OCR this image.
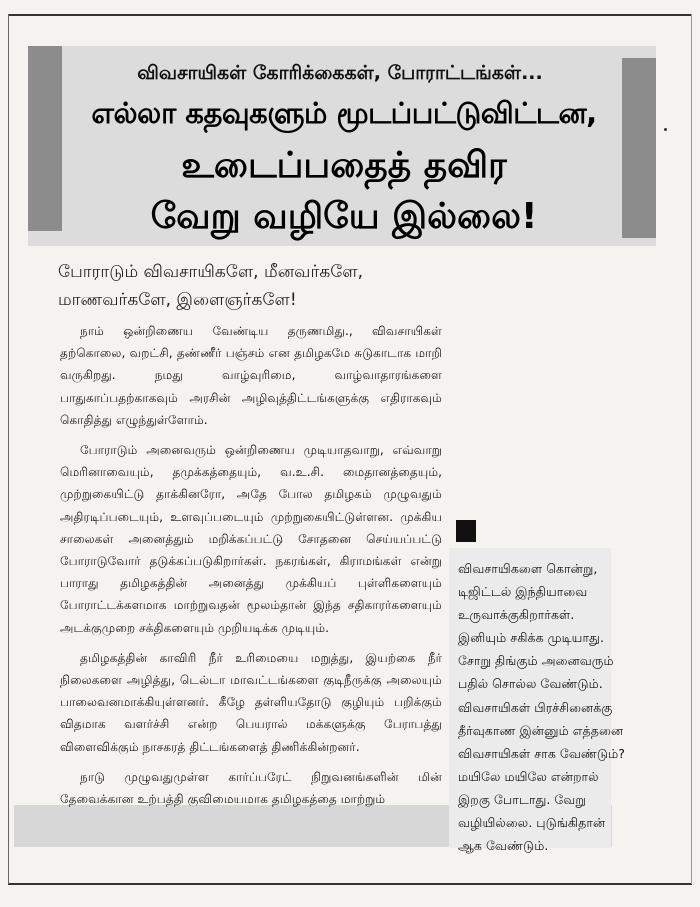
விவசாயிகள் கோரிக்கைகள், போராட்டங்கள்...
எல்லா கதவுகளும் மூடப்பட்டுவிட்டன,
உடைப்பதைத் தவிர
வேறு வழியே இல்லை!
போராடும் விவசாயிகளே, மீனவர்களே,
மாணவர்களே, இளைஞர்களே!

நாம் ஒன்றிணைய வேண்டிய தருணமிது., விவசாயிகள் தற்கொலை, வறட்சி, தண்ணீர் பஞ்சம் என தமிழகமே சுடுகாடாக மாறி வருகிறது. நமது வாழ்வுரிமை, வாழ்வாதாரங்களை பாதுகாப்பதற்காகவும் அரசின் அழிவுத்திட்டங்களுக்கு எதிராகவும் கொதித்து எழுந்துள்ளோம்.

போராடும் அனைவரும் ஒன்றிணைய முடியாதவாறு, எவ்வாறு மெரினாவையும், தமுக்கத்தையும், வ.உ.சி. மைதானத்தையும், முற்றுகையிட்டு தாக்கினரோ, அதே போல தமிழகம் முழுவதும் அதிரடிப்படையும், உளவுப்படையும் முற்றுகையிட்டுள்ளன. முக்கிய சாலைகள் அனைத்தும் மறிக்கப்பட்டு சோதனை செய்யப்பட்டு போராடுவோர் தடுக்கப்படுகிறார்கள். நகரங்கள், கிராமங்கள் என்று பாராது தமிழகத்தின் அனைத்து முக்கியப் புள்ளிகளையும் போராட்டக்களமாக மாற்றுவதன் மூலம்தான் இந்த சதிகாரர்களையும் அடக்குமுறை சக்திகளையும் முறியடிக்க முடியும்.

தமிழகத்தின் காவிரி நீர் உரிமையை மறுத்து, இயற்கை நீர் நிலைகளை அழித்து, டெல்டா மாவட்டங்களை குடிநீருக்கு அலையும் பாலைவனமாக்கியுள்ளனர். கீழே தள்ளியதோடு குழியும் பறிக்கும் விதமாக வளர்ச்சி என்ற பெயரால் மக்களுக்கு பேராபத்து விளைவிக்கும் நாசகரத் திட்டங்களைத் திணிக்கின்றனர்.

நாடு முழுவதுமுள்ள கார்ப்பரேட் நிறுவனங்களின் மின் தேவைக்கான உற்பத்தி குவிமையமாக தமிழகத்தை மாற்றும்

விவசாயிகளை கொன்று,
டிஜிட்டல் இந்தியாவை
உருவாக்குகிறார்கள்.
இனியும் சகிக்க முடியாது.
சோறு திங்கும் அனைவரும்
பதில் சொல்ல வேண்டும்.
விவசாயிகள் பிரச்சினைக்கு
தீர்வுகாண இன்னும் எத்தனை
விவசாயிகள் சாக வேண்டும்?
மயிலே மயிலே என்றால்
இறகு போடாது. வேறு
வழியில்லை. புடுங்கிதான்
ஆக வேண்டும்.
